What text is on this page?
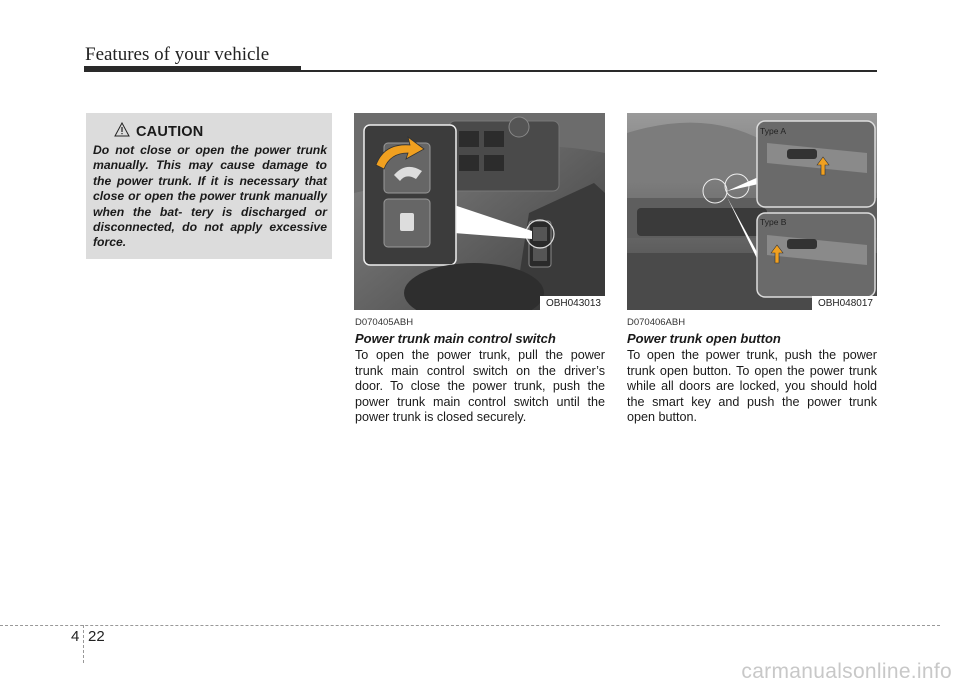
Features of your vehicle
CAUTION
Do not close or open the power trunk manually. This may cause damage to the power trunk. If it is necessary that close or open the power trunk manually when the bat- tery is discharged or disconnected, do not apply excessive force.
OBH043013
Type A
Type B
OBH048017
D070405ABH
Power trunk main control switch
To open the power trunk, pull the power trunk main control switch on the driver’s door. To close the power trunk, push the power trunk main control switch until the power trunk is closed securely.
D070406ABH
Power trunk open button
To open the power trunk, push the power trunk open button. To open the power trunk while all doors are locked, you should hold the smart key and push the power trunk open button.
4 22
carmanualsonline.info
